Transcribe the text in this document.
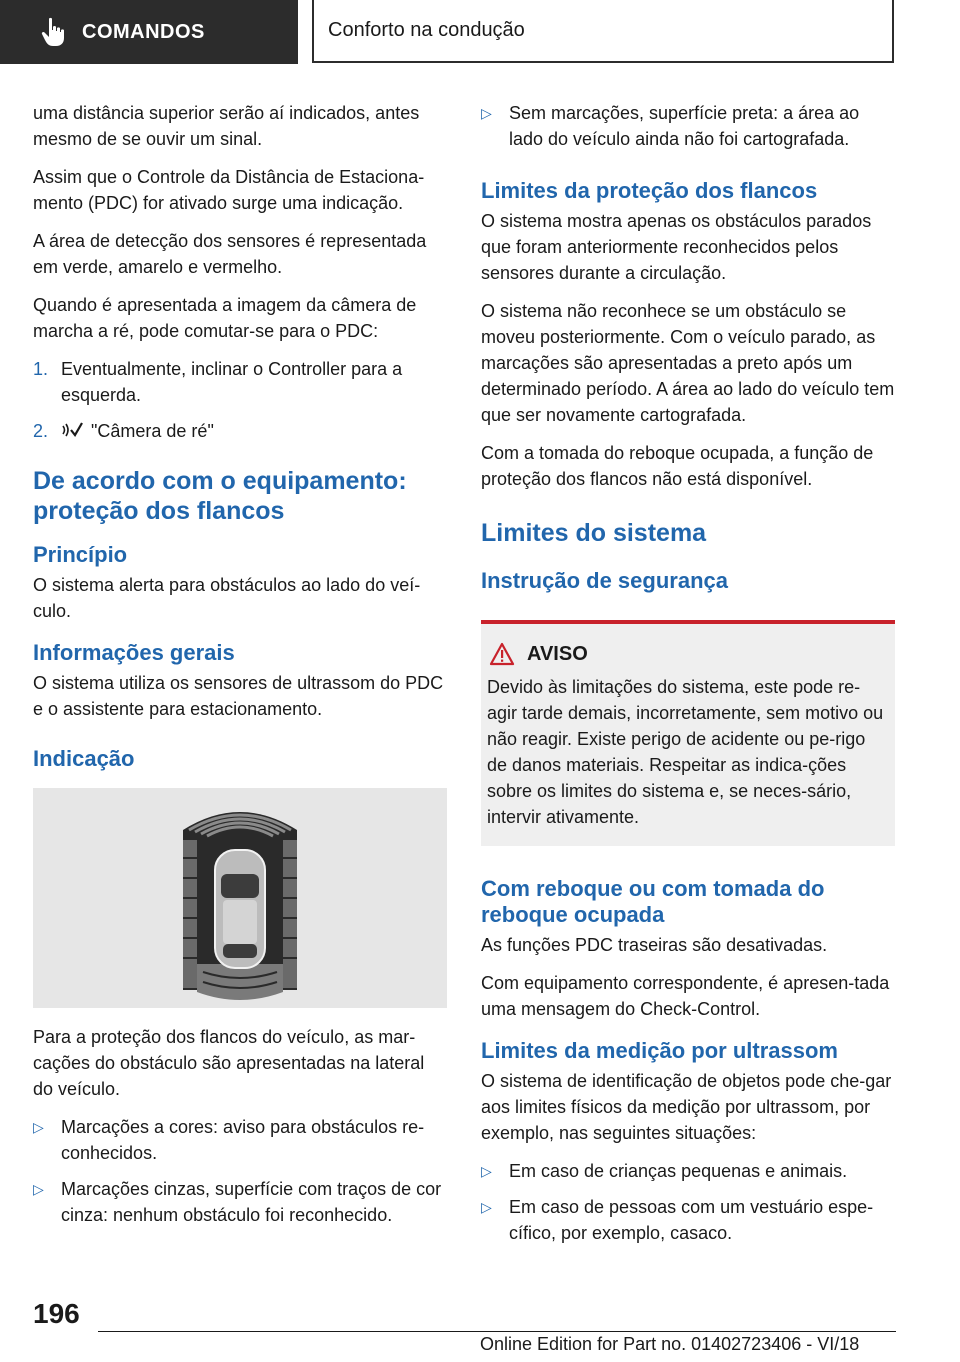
COMANDOS	Conforto na condução

uma distância superior serão aí indicados, antes mesmo de se ouvir um sinal.

Assim que o Controle da Distância de Estaciona-mento (PDC) for ativado surge uma indicação.

A área de detecção dos sensores é representada em verde, amarelo e vermelho.

Quando é apresentada a imagem da câmera de marcha a ré, pode comutar-se para o PDC:

1. Eventualmente, inclinar o Controller para a esquerda.
2.	"Câmera de ré"
De acordo com o equipamento: proteção dos flancos
Princípio

O sistema alerta para obstáculos ao lado do veí-culo.

Informações gerais

O sistema utiliza os sensores de ultrassom do PDC e o assistente para estacionamento.

Indicação

Para a proteção dos flancos do veículo, as mar-cações do obstáculo são apresentadas na lateral do veículo.

▷ Marcações a cores: aviso para obstáculos re-conhecidos.
▷ Marcações cinzas, superfície com traços de cor cinza: nenhum obstáculo foi reconhecido.
▷ Sem marcações, superfície preta: a área ao lado do veículo ainda não foi cartografada.
Limites da proteção dos flancos

O sistema mostra apenas os obstáculos parados que foram anteriormente reconhecidos pelos sensores durante a circulação.

O sistema não reconhece se um obstáculo se moveu posteriormente. Com o veículo parado, as marcações são apresentadas a preto após um determinado período. A área ao lado do veículo tem que ser novamente cartografada.

Com a tomada do reboque ocupada, a função de proteção dos flancos não está disponível.

Limites do sistema
Instrução de segurança
AVISO

Devido às limitações do sistema, este pode re-agir tarde demais, incorretamente, sem motivo ou não reagir. Existe perigo de acidente ou pe-rigo de danos materiais. Respeitar as indica-ções sobre os limites do sistema e, se neces-sário, intervir ativamente.

Com reboque ou com tomada do reboque ocupada

As funções PDC traseiras são desativadas.

Com equipamento correspondente, é apresen-tada uma mensagem do Check-Control.

Limites da medição por ultrassom

O sistema de identificação de objetos pode che-gar aos limites físicos da medição por ultrassom, por exemplo, nas seguintes situações:

▷ Em caso de crianças pequenas e animais.
▷ Em caso de pessoas com um vestuário espe-cífico, por exemplo, casaco.
196
Online Edition for Part no. 01402723406 - VI/18
